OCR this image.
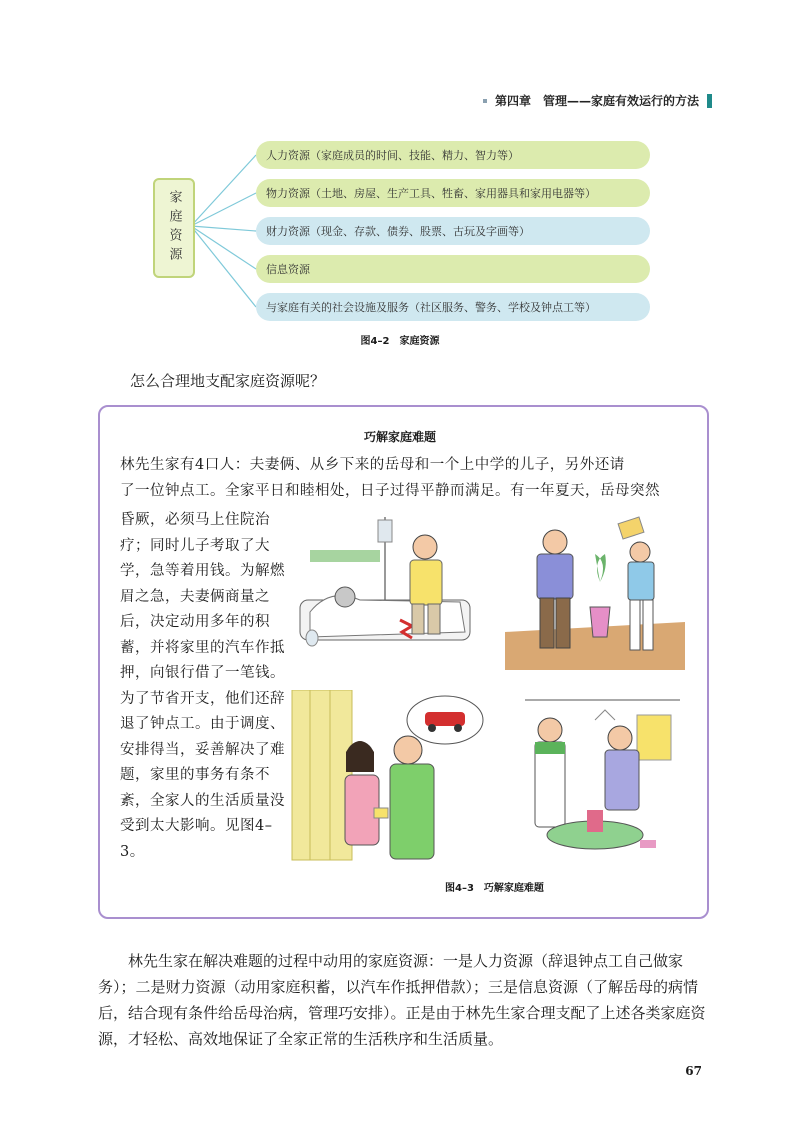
第四章　管理——家庭有效运行的方法
家庭资源
人力资源（家庭成员的时间、技能、精力、智力等）
物力资源（土地、房屋、生产工具、牲畜、家用器具和家用电器等）
财力资源（现金、存款、债券、股票、古玩及字画等）
信息资源
与家庭有关的社会设施及服务（社区服务、警务、学校及钟点工等）
图4–2　家庭资源
怎么合理地支配家庭资源呢？
巧解家庭难题
林先生家有4口人：夫妻俩、从乡下来的岳母和一个上中学的儿子，另外还请
了一位钟点工。全家平日和睦相处，日子过得平静而满足。有一年夏天，岳母突然
昏厥，必须马上住院治疗；同时儿子考取了大学，急等着用钱。为解燃眉之急，夫妻俩商量之后，决定动用多年的积蓄，并将家里的汽车作抵押，向银行借了一笔钱。为了节省开支，他们还辞退了钟点工。由于调度、安排得当，妥善解决了难题，家里的事务有条不紊，全家人的生活质量没受到太大影响。见图4–3。
图4–3　巧解家庭难题
林先生家在解决难题的过程中动用的家庭资源：一是人力资源（辞退钟点工自己做家务）；二是财力资源（动用家庭积蓄，以汽车作抵押借款）；三是信息资源（了解岳母的病情后，结合现有条件给岳母治病，管理巧安排）。正是由于林先生家合理支配了上述各类家庭资源，才轻松、高效地保证了全家正常的生活秩序和生活质量。
67
